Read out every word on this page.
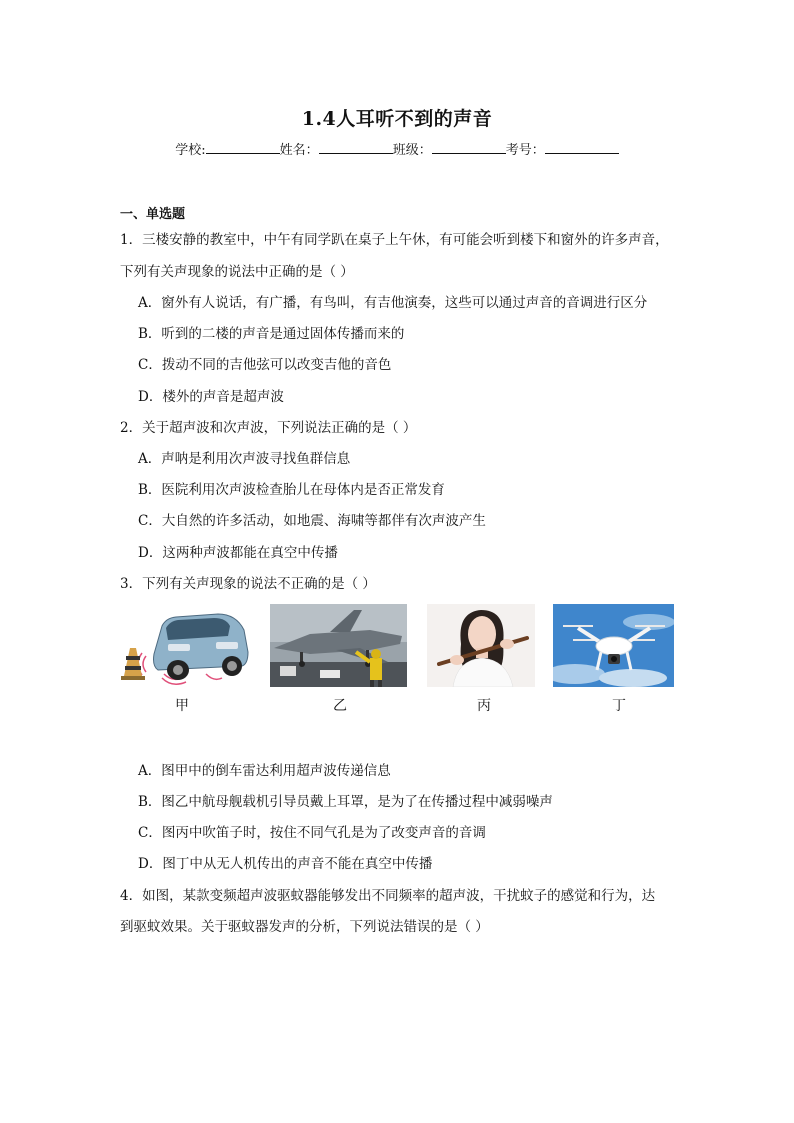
1.4人耳听不到的声音
学校:	姓名：	班级：	考号：
一、单选题
1．三楼安静的教室中，中午有同学趴在桌子上午休，有可能会听到楼下和窗外的许多声音，
下列有关声现象的说法中正确的是（ ）
A．窗外有人说话，有广播，有鸟叫，有吉他演奏，这些可以通过声音的音调进行区分
B．听到的二楼的声音是通过固体传播而来的
C．拨动不同的吉他弦可以改变吉他的音色
D．楼外的声音是超声波
2．关于超声波和次声波，下列说法正确的是（ ）
A．声呐是利用次声波寻找鱼群信息
B．医院利用次声波检查胎儿在母体内是否正常发育
C．大自然的许多活动，如地震、海啸等都伴有次声波产生
D．这两种声波都能在真空中传播
3．下列有关声现象的说法不正确的是（ ）
甲	乙	丙	丁
A．图甲中的倒车雷达利用超声波传递信息
B．图乙中航母舰载机引导员戴上耳罩，是为了在传播过程中减弱噪声
C．图丙中吹笛子时，按住不同气孔是为了改变声音的音调
D．图丁中从无人机传出的声音不能在真空中传播
4．如图，某款变频超声波驱蚊器能够发出不同频率的超声波，干扰蚊子的感觉和行为，达
到驱蚊效果。关于驱蚊器发声的分析，下列说法错误的是（ ）
